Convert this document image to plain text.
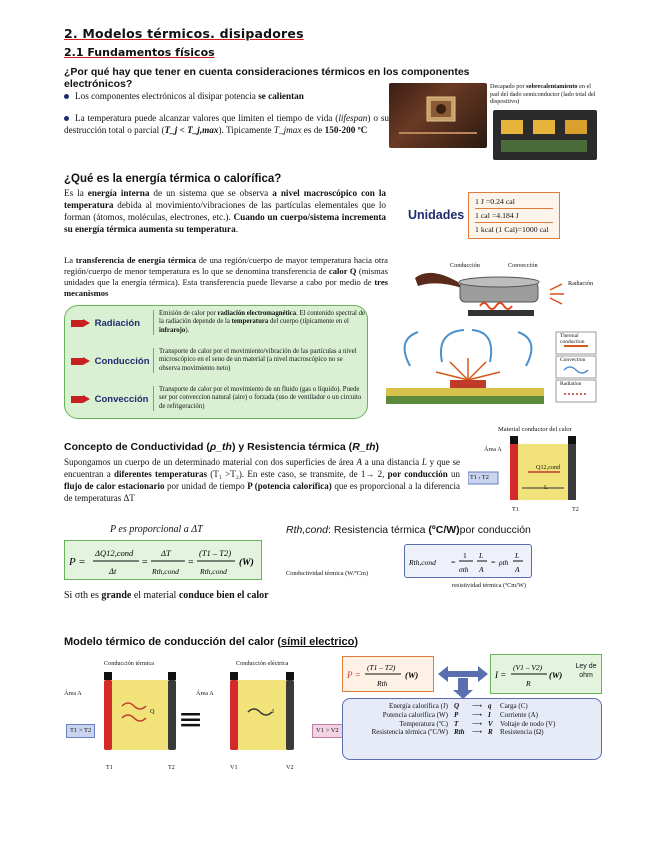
2. Modelos térmicos. disipadores
2.1 Fundamentos físicos
¿Por qué hay que tener en cuenta consideraciones térmicos en los componentes electrónicos?
Los componentes electrónicos al disipar potencia se calientan
La temperatura puede alcanzar valores que limiten el tiempo de vida (lifespan) o su destrucción total o parcial (T_j < T_j,max). Tipicamente T_jmax es de 150-200 ºC
Decapado por sobrecalentamiento en el pad del dado semiconductor (lado total del dispositivo)
¿Qué es la energía térmica o calorífica?
Es la energía interna de un sistema que se observa a nivel macroscópico con la temperatura debida al movimiento/vibraciones de las partículas elementales que lo forman (átomos, moléculas, electrones, etc.). Cuando un cuerpo/sistema incrementa su energía térmica aumenta su temperatura.
Unidades
1 J =0.24 cal
1 cal =4.184 J
1 kcal (1 Cal)=1000 cal
La transferencia de energía térmica de una región/cuerpo de mayor temperatura hacia otra región/cuerpo de menor temperatura es lo que se denomina transferencia de calor Q (mismas unidades que la energía térmica). Esta transferencia puede llevarse a cabo por medio de tres mecanismos
Conducción	Convección
Radiación
Radiación
Emisión de calor por radiación electromagnética. El contenido spectral de la radiación depende de la temperatura del cuerpo (típicamente en el infrarojo).
Conducción
Transporte de calor por el movimiento/vibración de las partículas a nivel microscópico en el seno de un material (a nivel macroscópico no se observa movimiento neto)
Convección
Transporte de calor por el movimiento de un fluido (gas o líquido). Puede ser por conveccion natural (aire) o forzada (uso de ventilador o un circuito de refrigeración)
Thermal conduction
Convection
Radiation
Concepto de Conductividad (ρ_th) y Resistencia térmica (R_th)
Supongamos un cuerpo de un determinado material con dos superficies de área A a una distancia L y que se encuentran a diferentes temperaturas (T₁ >T₂). En este caso, se transmite, de 1→ 2, por conducción un flujo de calor estacionario por unidad de tiempo P (potencia calorífica) que es proporcional a la diferencia de temperaturas ΔT
Material conductor del calor
Área A
Q12,cond
L
T1 › T2
T1	T2
P es proporcional a ΔT
P =
ΔQ12,cond
Δt
=
ΔT
Rth,cond
=
(T1 – T2)
Rth,cond
(W)
Rth,cond: Resistencia térmica (ºC/W)por conducción
Rth,cond =
1
σth
L
A
= ρth
L
A
Conductividad térmica (W/ºCm)
resistividad térmica (ºCm/W)
Si σth es grande el material conduce bien el calor
Modelo térmico de conducción del calor (símil electrico)
Conducción térmica
Área A
Q
T1	T2
T1 > T2	≡
Conducción eléctrica
Área A
I
V1	V2
V1 > V2
P =
(T1 – T2)
Rth
(W)	I =
(V1 – V2)
R
(W)
Ley de ohm
Energía calorífica (J)	Q	⟶	q	Carga (C)
Potencia calorífica (W)	P	⟶	I	Corriente (A)
Temperatura (ºC)	T	⟶	V	Voltaje de nodo (V)
Resistencia térmica (ºC/W)	Rth	⟶	R	Resistencia (Ω)
